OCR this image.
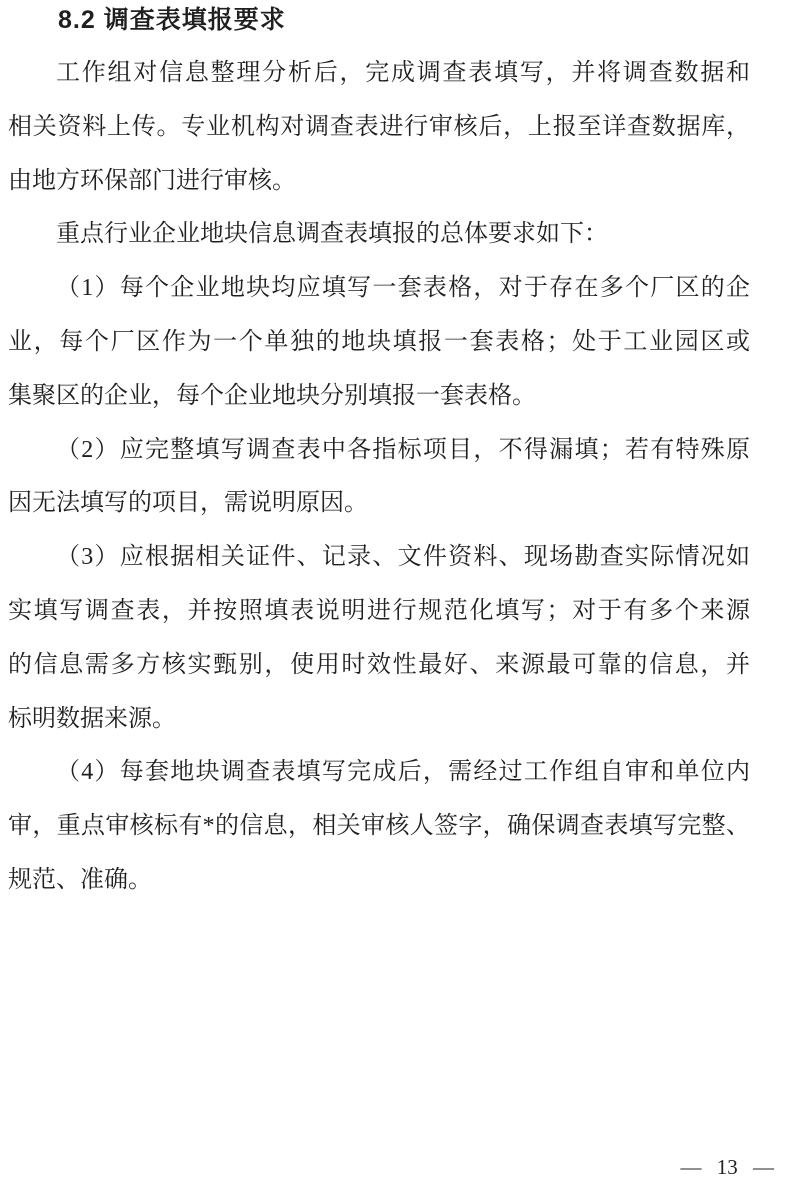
8.2 调查表填报要求

工作组对信息整理分析后，完成调查表填写，并将调查数据和
相关资料上传。专业机构对调查表进行审核后，上报至详查数据库，
由地方环保部门进行审核。

重点行业企业地块信息调查表填报的总体要求如下：

（1）每个企业地块均应填写一套表格，对于存在多个厂区的企
业，每个厂区作为一个单独的地块填报一套表格；处于工业园区或
集聚区的企业，每个企业地块分别填报一套表格。

（2）应完整填写调查表中各指标项目，不得漏填；若有特殊原
因无法填写的项目，需说明原因。

（3）应根据相关证件、记录、文件资料、现场勘查实际情况如
实填写调查表，并按照填表说明进行规范化填写；对于有多个来源
的信息需多方核实甄别，使用时效性最好、来源最可靠的信息，并
标明数据来源。

（4）每套地块调查表填写完成后，需经过工作组自审和单位内
审，重点审核标有*的信息，相关审核人签字，确保调查表填写完整、
规范、准确。

— 13 —
